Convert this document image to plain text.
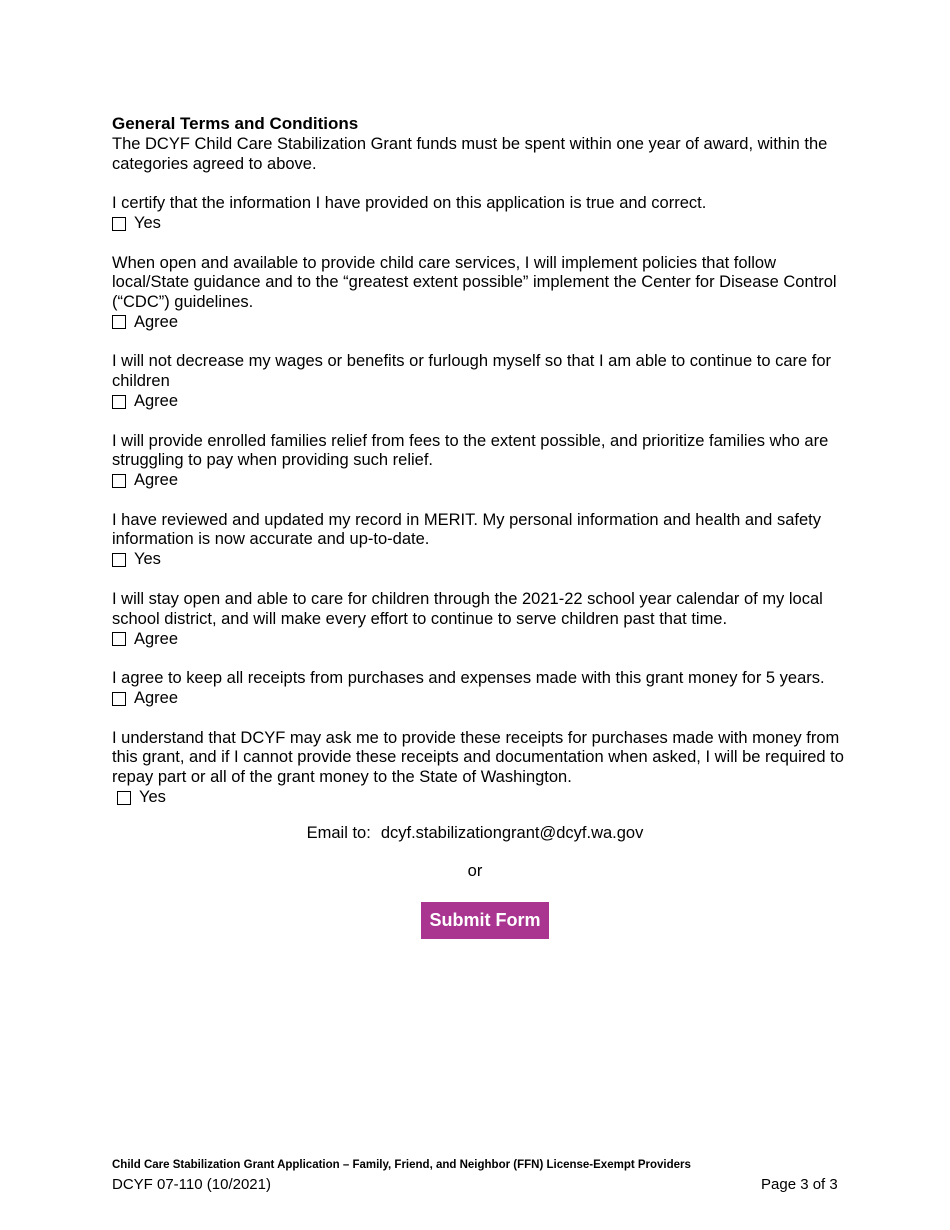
General Terms and Conditions
The DCYF Child Care Stabilization Grant funds must be spent within one year of award, within the categories agreed to above.
I certify that the information I have provided on this application is true and correct.
Yes
When open and available to provide child care services, I will implement policies that follow local/State guidance and to the “greatest extent possible” implement the Center for Disease Control (“CDC”) guidelines.
Agree
I will not decrease my wages or benefits or furlough myself so that I am able to continue to care for children
Agree
I will provide enrolled families relief from fees to the extent possible, and prioritize families who are struggling to pay when providing such relief.
Agree
I have reviewed and updated my record in MERIT. My personal information and health and safety information is now accurate and up-to-date.
Yes
I will stay open and able to care for children through the 2021-22 school year calendar of my local school district, and will make every effort to continue to serve children past that time.
Agree
I agree to keep all receipts from purchases and expenses made with this grant money for 5 years.
Agree
I understand that DCYF may ask me to provide these receipts for purchases made with money from this grant, and if I cannot provide these receipts and documentation when asked, I will be required to repay part or all of the grant money to the State of Washington.
Yes
Email to: dcyf.stabilizationgrant@dcyf.wa.gov
or
Submit Form
Child Care Stabilization Grant Application – Family, Friend, and Neighbor (FFN) License-Exempt Providers
DCYF 07-110 (10/2021)	Page 3 of 3
